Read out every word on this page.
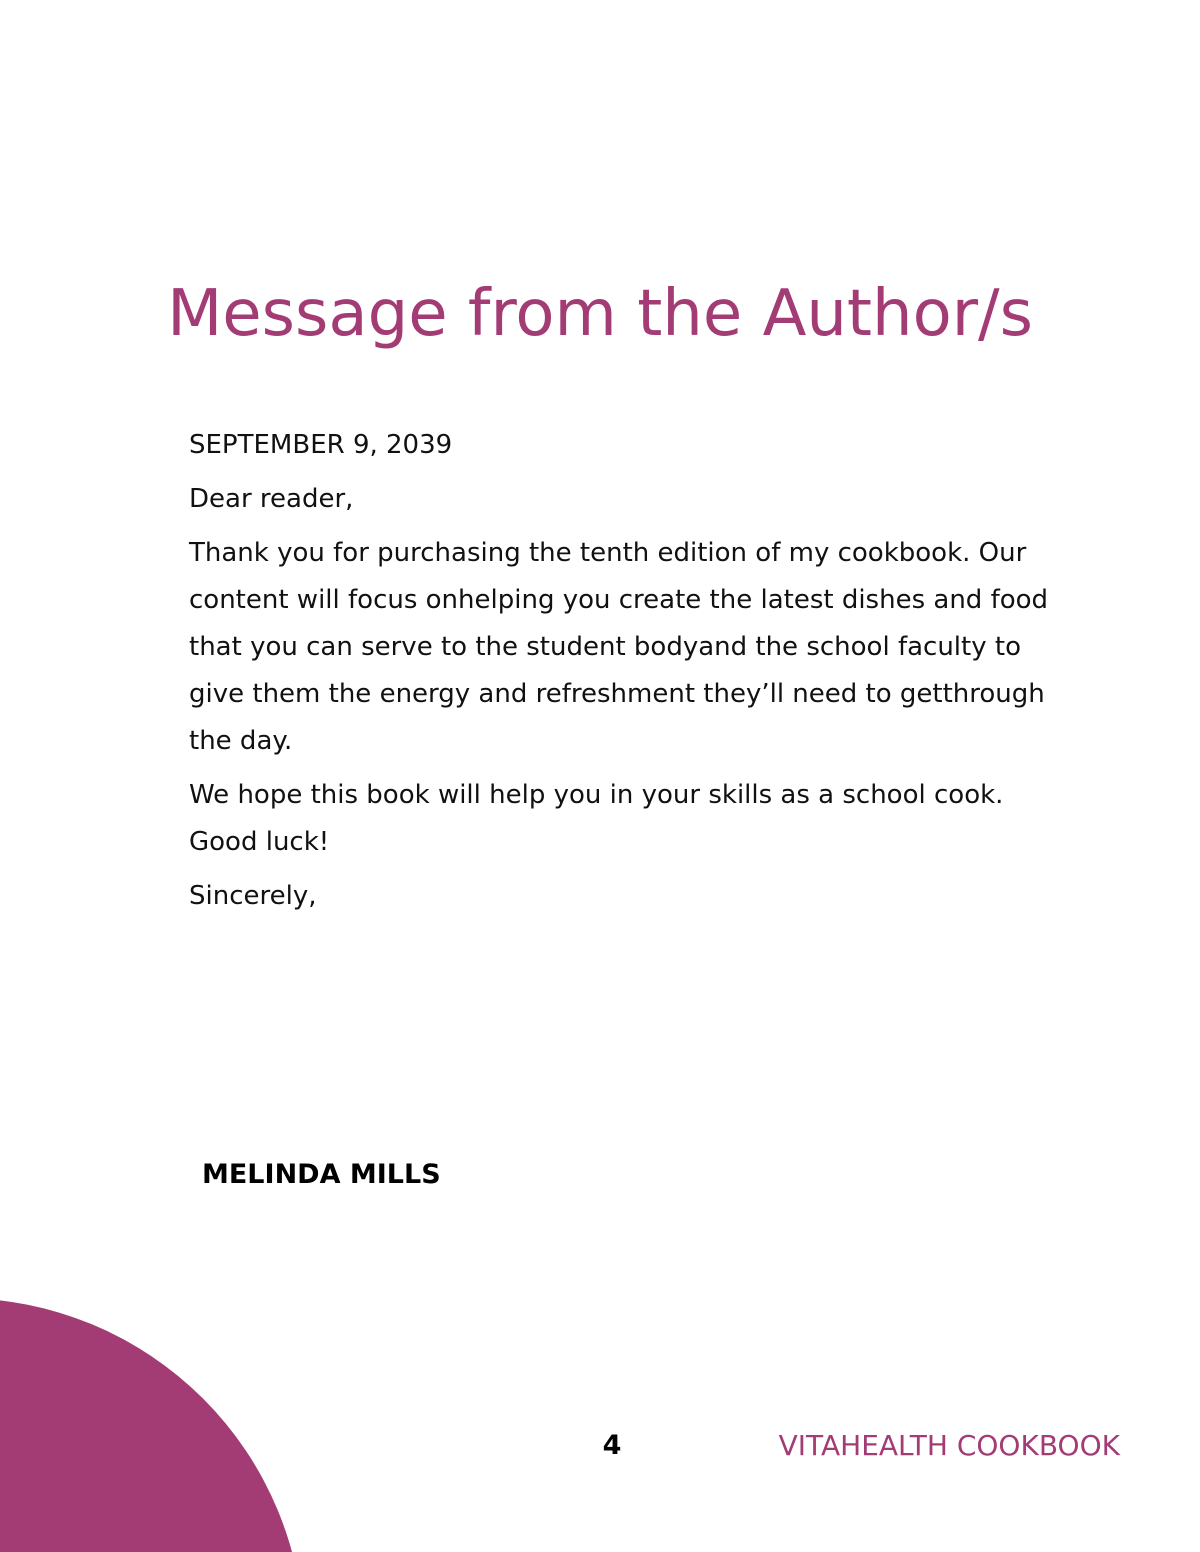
Message from the Author/s

SEPTEMBER 9, 2039

Dear reader,

Thank you for purchasing the tenth edition of my cookbook. Our content will focus onhelping you create the latest dishes and food that you can serve to the student bodyand the school faculty to give them the energy and refreshment they’ll need to getthrough the day.

We hope this book will help you in your skills as a school cook. Good luck!

Sincerely,

MELINDA MILLS
4	VITAHEALTH COOKBOOK
